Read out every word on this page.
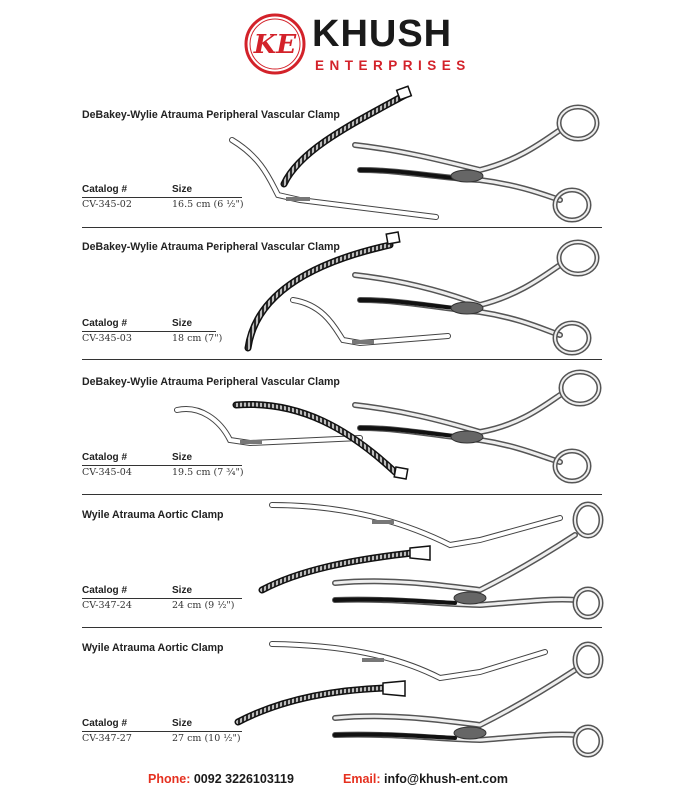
KE KHUSH
ENTERPRISES
DeBakey-Wylie Atrauma Peripheral Vascular Clamp
Catalog #	Size
CV-345-02	16.5 cm (6 ½")
DeBakey-Wylie Atrauma Peripheral Vascular Clamp
Catalog #	Size
CV-345-03	18 cm (7")
DeBakey-Wylie Atrauma Peripheral Vascular Clamp
Catalog #	Size
CV-345-04	19.5 cm (7 ¾")
Wyile Atrauma Aortic Clamp
Catalog #	Size
CV-347-24	24 cm (9 ½")
Wyile Atrauma Aortic Clamp
Catalog #	Size
CV-347-27	27 cm (10 ½")
Phone: 0092 3226103119	Email: info@khush-ent.com
